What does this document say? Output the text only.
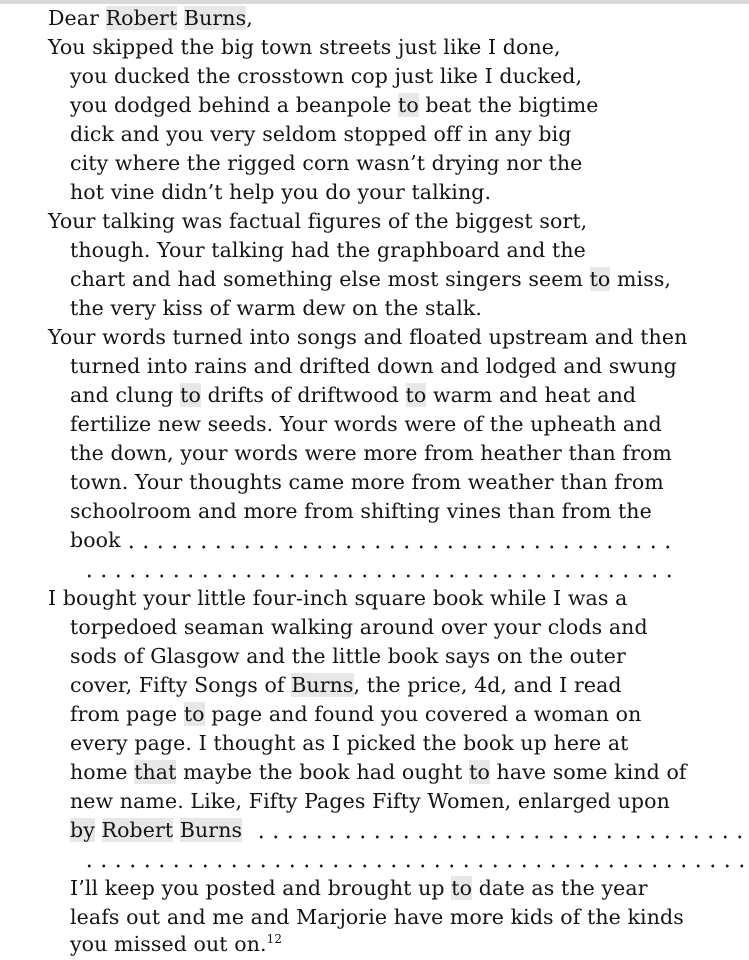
Dear Robert Burns,
You skipped the big town streets just like I done,
you ducked the crosstown cop just like I ducked,
you dodged behind a beanpole to beat the bigtime
dick and you very seldom stopped off in any big
city where the rigged corn wasn’t drying nor the
hot vine didn’t help you do your talking.
Your talking was factual figures of the biggest sort,
though. Your talking had the graphboard and the
chart and had something else most singers seem to miss,
the very kiss of warm dew on the stalk.
Your words turned into songs and floated upstream and then
turned into rains and drifted down and lodged and swung
and clung to drifts of driftwood to warm and heat and
fertilize new seeds. Your words were of the upheath and
the down, your words were more from heather than from
town. Your thoughts came more from weather than from
schoolroom and more from shifting vines than from the
book
I bought your little four-inch square book while I was a
torpedoed seaman walking around over your clods and
sods of Glasgow and the little book says on the outer
cover, Fifty Songs of Burns, the price, 4d, and I read
from page to page and found you covered a woman on
every page. I thought as I picked the book up here at
home that maybe the book had ought to have some kind of
new name. Like, Fifty Pages Fifty Women, enlarged upon
by Robert Burns
I’ll keep you posted and brought up to date as the year
leafs out and me and Marjorie have more kids of the kinds
you missed out on.$^{12}$
